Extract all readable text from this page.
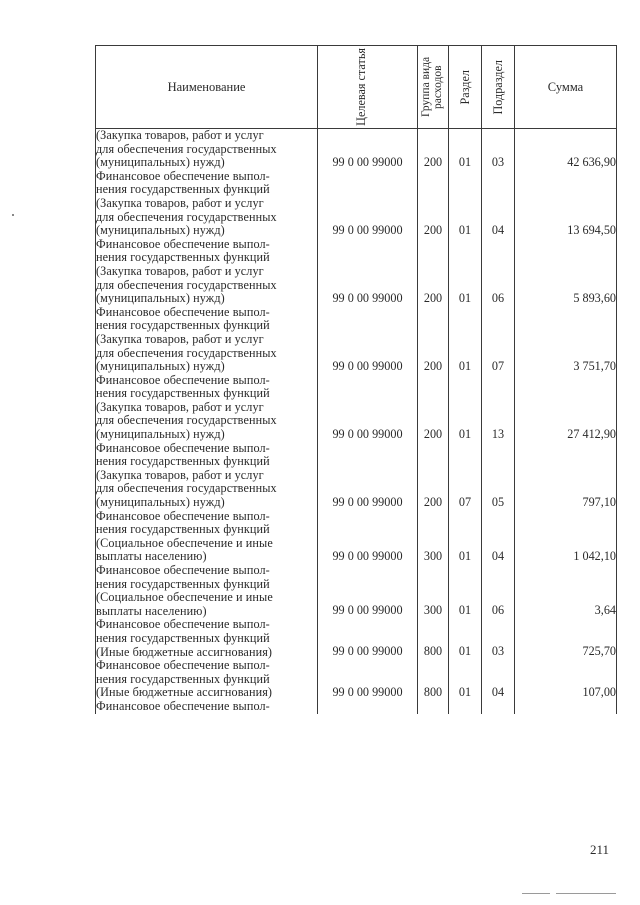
Наименование	Целевая статья	Группа вида расходов	Раздел	Подраздел	Сумма

(Закупка товаров, работ и услуг
для обеспечения государственных
(муниципальных) нужд)	99 0 00 99000	200	01	03	42 636,90

Финансовое обеспечение выпол-
нения государственных функций
(Закупка товаров, работ и услуг
для обеспечения государственных
(муниципальных) нужд)	99 0 00 99000	200	01	04	13 694,50

Финансовое обеспечение выпол-
нения государственных функций
(Закупка товаров, работ и услуг
для обеспечения государственных
(муниципальных) нужд)	99 0 00 99000	200	01	06	5 893,60

Финансовое обеспечение выпол-
нения государственных функций
(Закупка товаров, работ и услуг
для обеспечения государственных
(муниципальных) нужд)	99 0 00 99000	200	01	07	3 751,70

Финансовое обеспечение выпол-
нения государственных функций
(Закупка товаров, работ и услуг
для обеспечения государственных
(муниципальных) нужд)	99 0 00 99000	200	01	13	27 412,90

Финансовое обеспечение выпол-
нения государственных функций
(Закупка товаров, работ и услуг
для обеспечения государственных
(муниципальных) нужд)	99 0 00 99000	200	07	05	797,10

Финансовое обеспечение выпол-
нения государственных функций
(Социальное обеспечение и иные
выплаты населению)	99 0 00 99000	300	01	04	1 042,10

Финансовое обеспечение выпол-
нения государственных функций
(Социальное обеспечение и иные
выплаты населению)	99 0 00 99000	300	01	06	3,64

Финансовое обеспечение выпол-
нения государственных функций
(Иные бюджетные ассигнования)	99 0 00 99000	800	01	03	725,70

Финансовое обеспечение выпол-
нения государственных функций
(Иные бюджетные ассигнования)	99 0 00 99000	800	01	04	107,00

Финансовое обеспечение выпол-					

211
